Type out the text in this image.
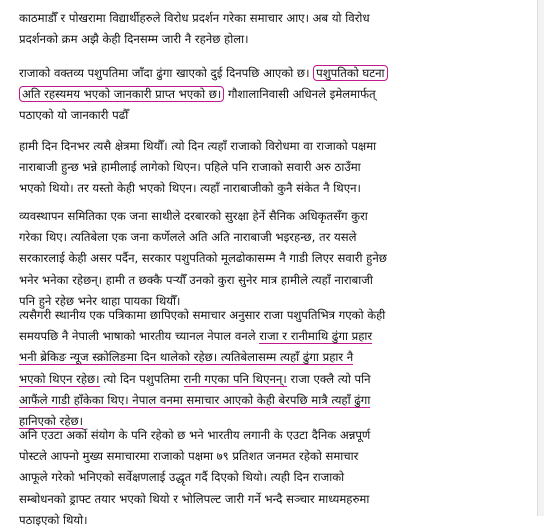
काठमाडौँ र पोखरामा विद्यार्थीहरुले विरोध प्रदर्शन गरेका समाचार आए। अब यो विरोध
प्रदर्शनको क्रम अझै केही दिनसम्म जारी नै रहनेछ होला।
राजाको वक्तव्य पशुपतिमा जाँदा ढुंगा खाएको दुई दिनपछि आएको छ। पशुपतिको घटना
अति रहस्यमय भएको जानकारी प्राप्त भएको छ। गौशालानिवासी अधिनले इमेलमार्फत्
पठाएको यो जानकारी पढौँ
हामी दिन दिनभर त्यसै क्षेत्रमा थियौँ। त्यो दिन त्यहाँ राजाको विरोधमा वा राजाको पक्षमा
नाराबाजी हुन्छ भन्ने हामीलाई लागेको थिएन। पहिले पनि राजाको सवारी अरु ठाउँमा
भएको थियो। तर यस्तो केही भएको थिएन। त्यहाँ नाराबाजीको कुनै संकेत नै थिएन।
व्यवस्थापन समितिका एक जना साथीले दरबारको सुरक्षा हेर्ने सैनिक अधिकृतसँग कुरा
गरेका थिए। त्यतिबेला एक जना कर्णेलले अति अति नाराबाजी भइरहन्छ, तर यसले
सरकारलाई केही असर पर्दैन, सरकार पशुपतिको मूलढोकासम्म नै गाडी लिएर सवारी हुनेछ
भनेर भनेका रहेछन्। हामी त छक्कै पऱ्यौँ उनको कुरा सुनेर मात्र हामीले त्यहाँ नाराबाजी
पनि हुने रहेछ भनेर थाहा पायका थियौँ।
त्यसैगरी स्थानीय एक पत्रिकामा छापिएको समाचार अनुसार राजा पशुपतिभित्र गएको केही
समयपछि नै नेपाली भाषाको भारतीय च्यानल नेपाल वनले राजा र रानीमाथि ढुंगा प्रहार
भनी ब्रेकिङ न्यूज स्क्रोलिङमा दिन थालेको रहेछ। त्यतिबेलासम्म त्यहाँ ढुंगा प्रहार नै
भएको थिएन रहेछ। त्यो दिन पशुपतिमा रानी गएका पनि थिएनन्। राजा एक्लै त्यो पनि
आफैंले गाडी हाँकेका थिए। नेपाल वनमा समाचार आएको केही बेरपछि मात्रै त्यहाँ ढुंगा
हानिएको रहेछ।
अनि एउटा अर्को संयोग के पनि रहेको छ भने भारतीय लगानी के एउटा दैनिक अन्नपूर्ण
पोस्टले आफ्नो मुख्य समाचारमा राजाको पक्षमा ७९ प्रतिशत जनमत रहेको समाचार
आफूले गरेको भनिएको सर्वेक्षणलाई उद्धृत गर्दै दिएको थियो। त्यही दिन राजाको
सम्बोधनको ड्राफ्ट तयार भएको थियो र भोलिपल्ट जारी गर्ने भन्दै सञ्चार माध्यमहरुमा
पठाइएको थियो।
